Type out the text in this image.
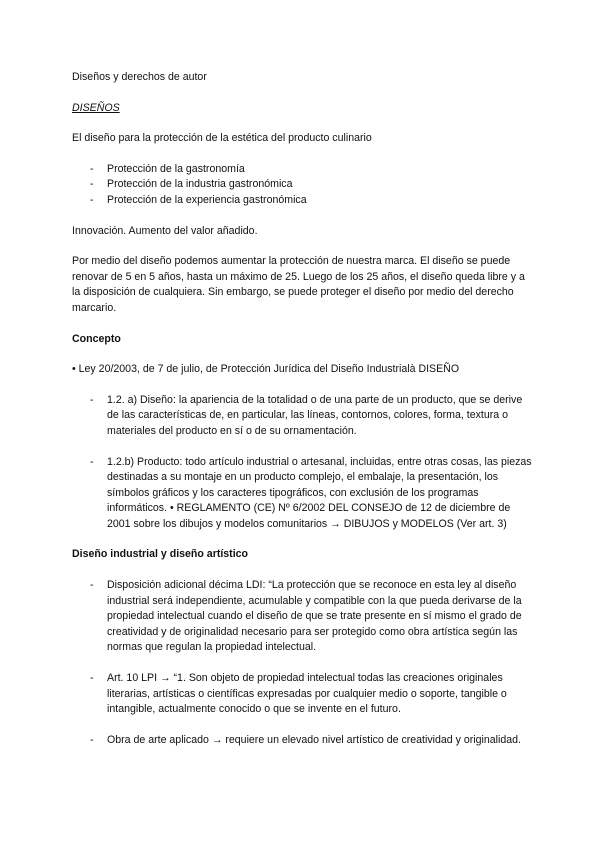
Diseños y derechos de autor

DISEÑOS

El diseño para la protección de la estética del producto culinario

- Protección de la gastronomía
- Protección de la industria gastronómica
- Protección de la experiencia gastronómica

Innovación. Aumento del valor añadido.

Por medio del diseño podemos aumentar la protección de nuestra marca. El diseño se puede renovar de 5 en 5 años, hasta un máximo de 25. Luego de los 25 años, el diseño queda libre y a la disposición de cualquiera. Sin embargo, se puede proteger el diseño por medio del derecho marcario.

Concepto

• Ley 20/2003, de 7 de julio, de Protección Jurídica del Diseño Industrialà DISEÑO

- 1.2. a) Diseño: la apariencia de la totalidad o de una parte de un producto, que se derive de las características de, en particular, las líneas, contornos, colores, forma, textura o materiales del producto en sí o de su ornamentación.
- 1.2.b) Producto: todo artículo industrial o artesanal, incluidas, entre otras cosas, las piezas destinadas a su montaje en un producto complejo, el embalaje, la presentación, los símbolos gráficos y los caracteres tipográficos, con exclusión de los programas informáticos. • REGLAMENTO (CE) Nº 6/2002 DEL CONSEJO de 12 de diciembre de 2001 sobre los dibujos y modelos comunitarios → DIBUJOS y MODELOS (Ver art. 3)

Diseño industrial y diseño artístico

- Disposición adicional décima LDI: “La protección que se reconoce en esta ley al diseño industrial será independiente, acumulable y compatible con la que pueda derivarse de la propiedad intelectual cuando el diseño de que se trate presente en sí mismo el grado de creatividad y de originalidad necesario para ser protegido como obra artística según las normas que regulan la propiedad intelectual.
- Art. 10 LPI → “1. Son objeto de propiedad intelectual todas las creaciones originales literarias, artísticas o científicas expresadas por cualquier medio o soporte, tangible o intangible, actualmente conocido o que se invente en el futuro.
- Obra de arte aplicado → requiere un elevado nivel artístico de creatividad y originalidad.
